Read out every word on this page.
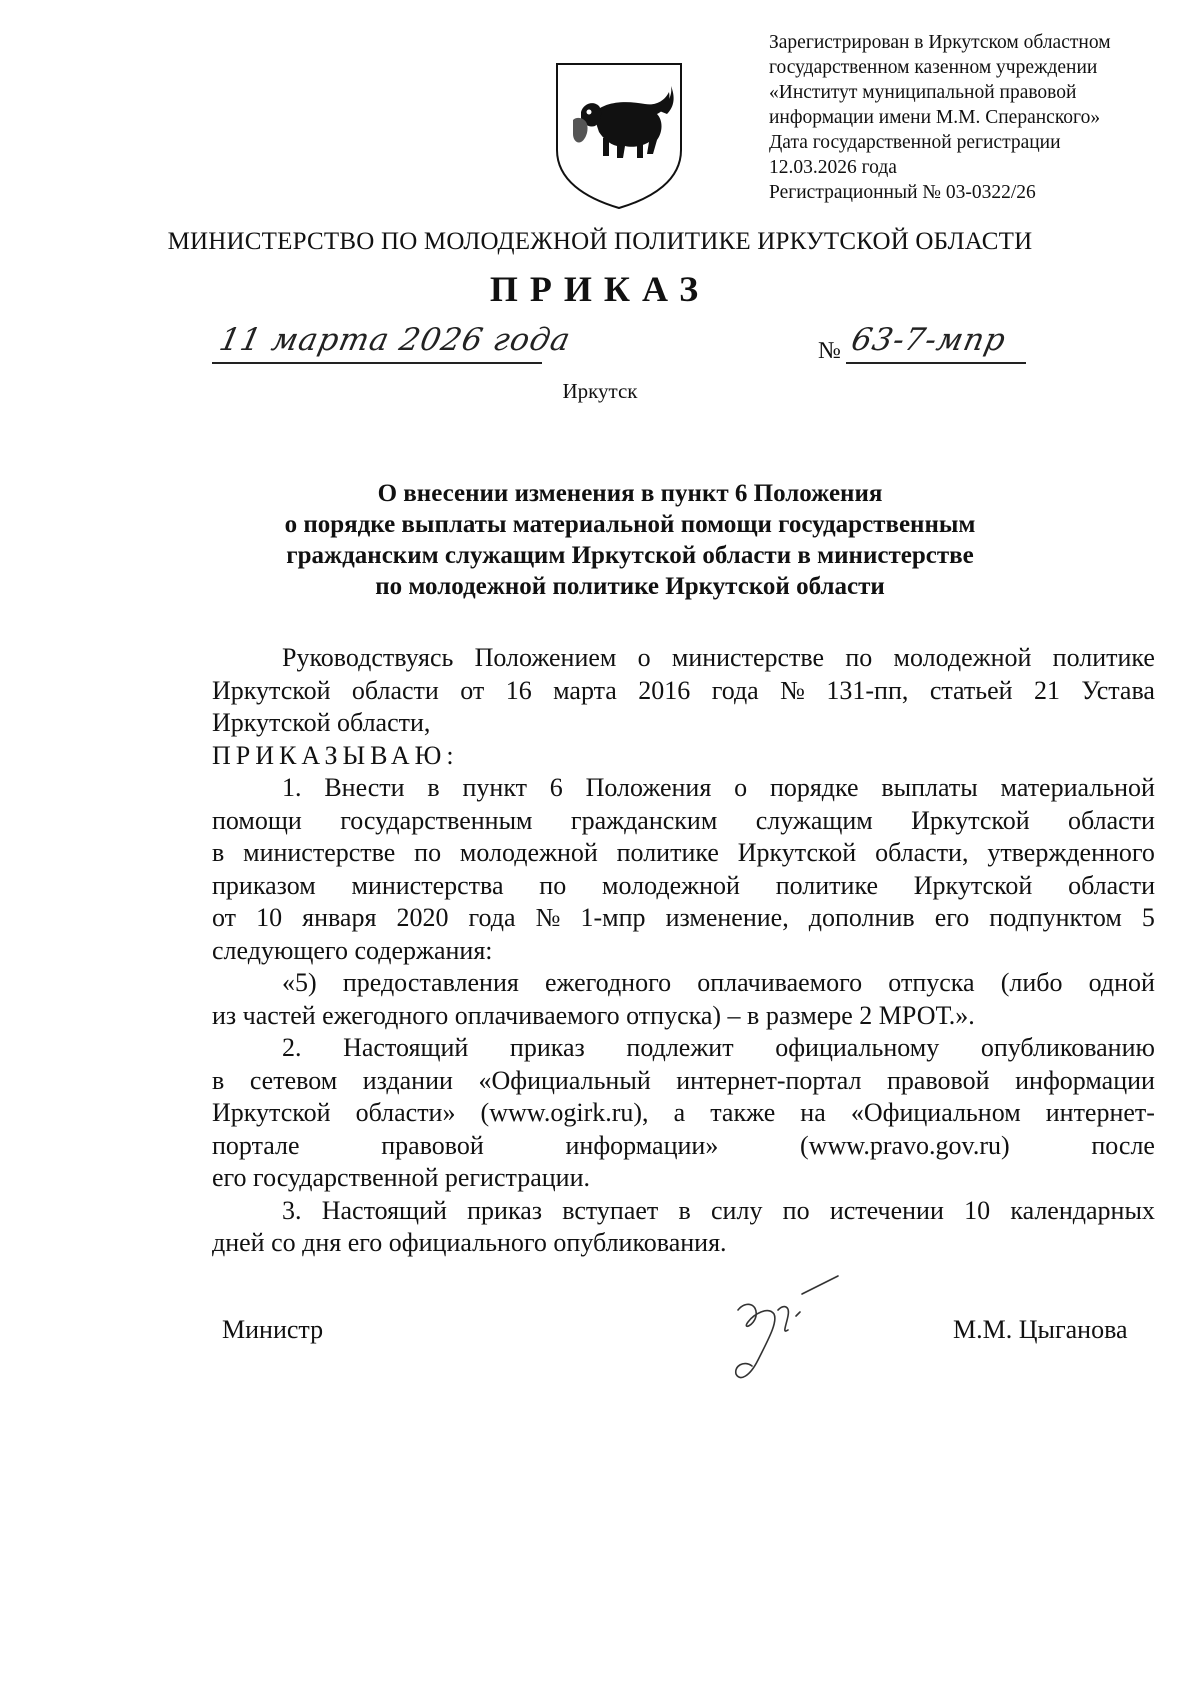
Зарегистрирован в Иркутском областном
государственном казенном учреждении
«Институт муниципальной правовой
информации имени М.М. Сперанского»
Дата государственной регистрации
12.03.2026 года
Регистрационный № 03-0322/26
МИНИСТЕРСТВО ПО МОЛОДЕЖНОЙ ПОЛИТИКЕ ИРКУТСКОЙ ОБЛАСТИ
ПРИКАЗ
11 марта 2026 года	№ 63-7-мпр
Иркутск
О внесении изменения в пункт 6 Положения
о порядке выплаты материальной помощи государственным
гражданским служащим Иркутской области в министерстве
по молодежной политике Иркутской области
Руководствуясь Положением о министерстве по молодежной политике
Иркутской области от 16 марта 2016 года № 131-пп, статьей 21 Устава
Иркутской области,
ПРИКАЗЫВАЮ:
1. Внести в пункт 6 Положения о порядке выплаты материальной
помощи государственным гражданским служащим Иркутской области
в министерстве по молодежной политике Иркутской области, утвержденного
приказом министерства по молодежной политике Иркутской области
от 10 января 2020 года № 1-мпр изменение, дополнив его подпунктом 5
следующего содержания:
«5) предоставления ежегодного оплачиваемого отпуска (либо одной
из частей ежегодного оплачиваемого отпуска) – в размере 2 МРОТ.».
2. Настоящий приказ подлежит официальному опубликованию
в сетевом издании «Официальный интернет-портал правовой информации
Иркутской области» (www.ogirk.ru), а также на «Официальном интернет-
портале	правовой	информации»	(www.pravo.gov.ru)	после
его государственной регистрации.
3. Настоящий приказ вступает в силу по истечении 10 календарных
дней со дня его официального опубликования.
Министр	М.М. Цыганова
